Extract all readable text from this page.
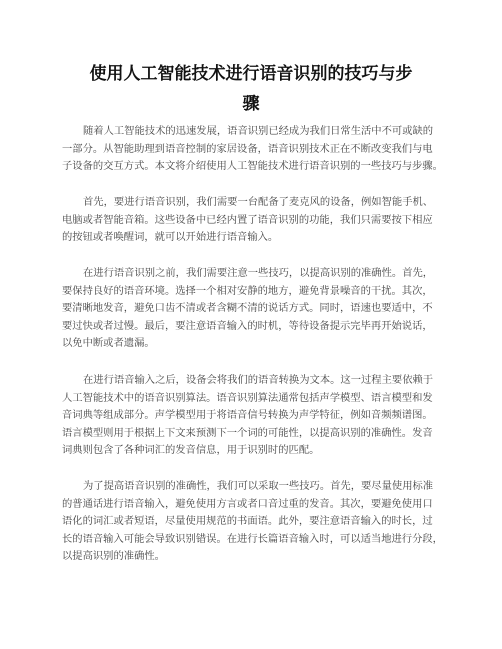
使用人工智能技术进行语音识别的技巧与步
骤
随着人工智能技术的迅速发展，语音识别已经成为我们日常生活中不可或缺的
一部分。从智能助理到语音控制的家居设备，语音识别技术正在不断改变我们与电
子设备的交互方式。本文将介绍使用人工智能技术进行语音识别的一些技巧与步骤。
首先，要进行语音识别，我们需要一台配备了麦克风的设备，例如智能手机、
电脑或者智能音箱。这些设备中已经内置了语音识别的功能，我们只需要按下相应
的按钮或者唤醒词，就可以开始进行语音输入。
在进行语音识别之前，我们需要注意一些技巧，以提高识别的准确性。首先，
要保持良好的语音环境。选择一个相对安静的地方，避免背景噪音的干扰。其次，
要清晰地发音，避免口齿不清或者含糊不清的说话方式。同时，语速也要适中，不
要过快或者过慢。最后，要注意语音输入的时机，等待设备提示完毕再开始说话，
以免中断或者遗漏。
在进行语音输入之后，设备会将我们的语音转换为文本。这一过程主要依赖于
人工智能技术中的语音识别算法。语音识别算法通常包括声学模型、语言模型和发
音词典等组成部分。声学模型用于将语音信号转换为声学特征，例如音频频谱图。
语言模型则用于根据上下文来预测下一个词的可能性，以提高识别的准确性。发音
词典则包含了各种词汇的发音信息，用于识别时的匹配。
为了提高语音识别的准确性，我们可以采取一些技巧。首先，要尽量使用标准
的普通话进行语音输入，避免使用方言或者口音过重的发音。其次，要避免使用口
语化的词汇或者短语，尽量使用规范的书面语。此外，要注意语音输入的时长，过
长的语音输入可能会导致识别错误。在进行长篇语音输入时，可以适当地进行分段，
以提高识别的准确性。
